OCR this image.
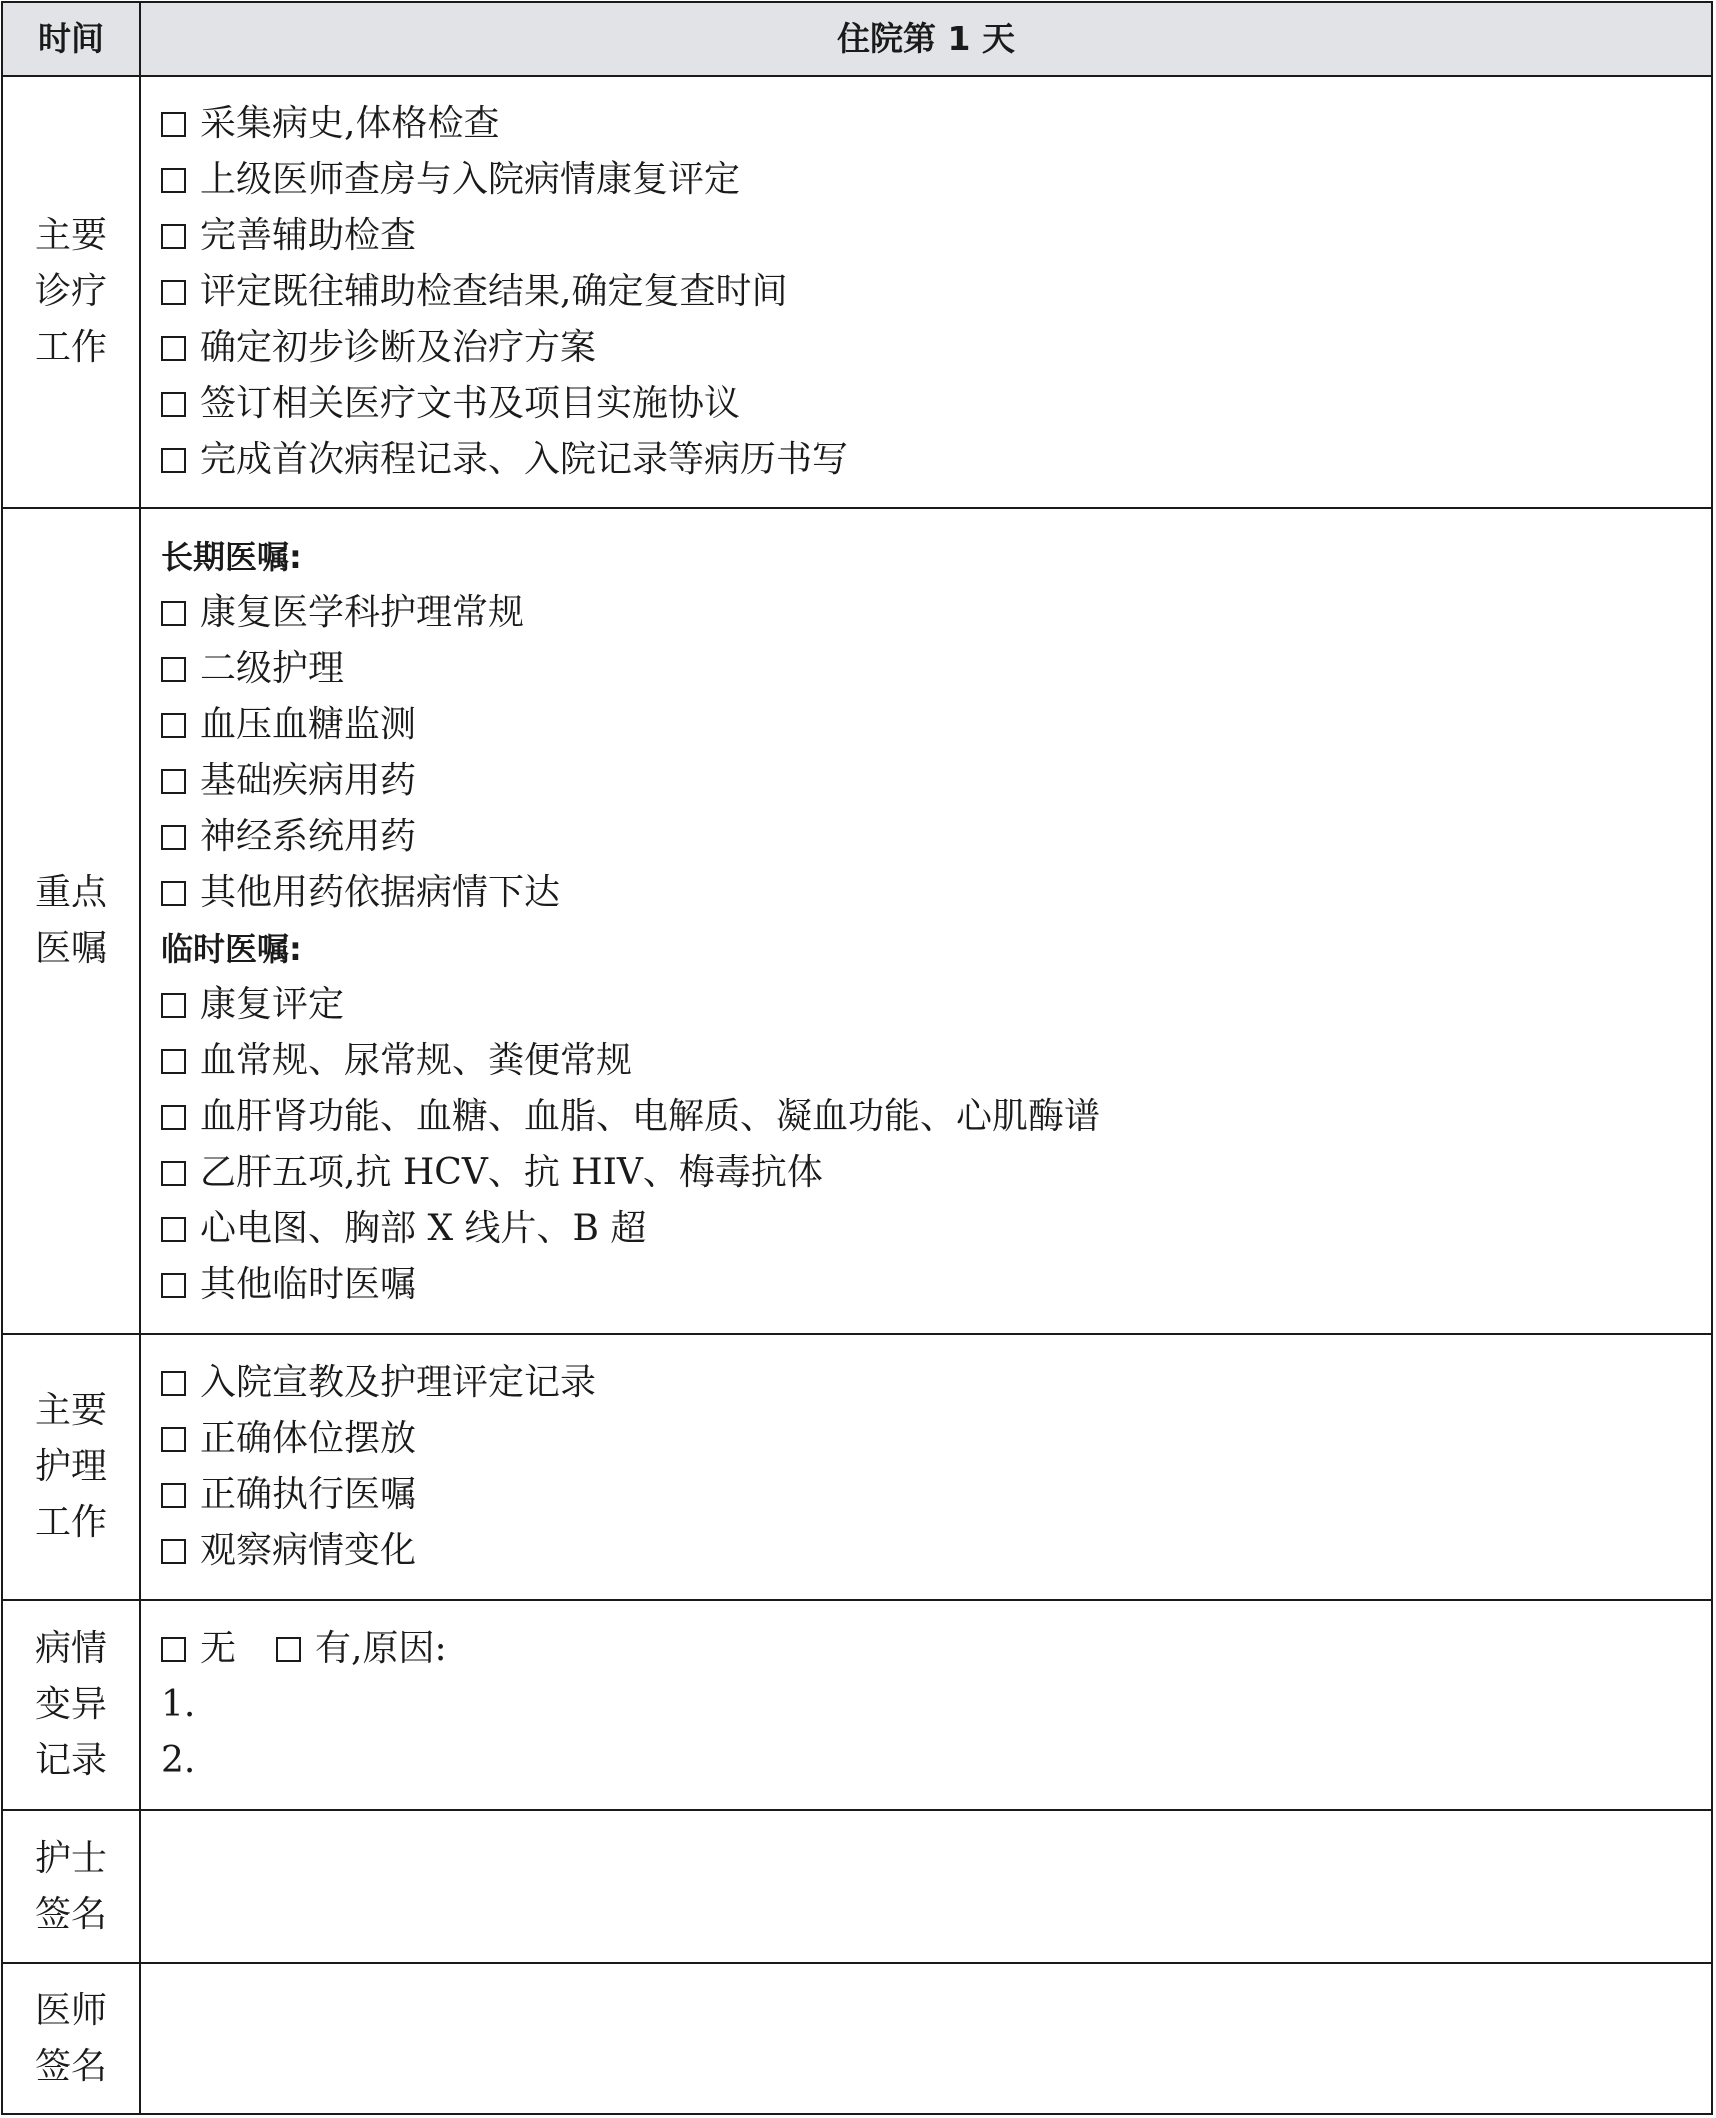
时间	住院第 1 天
主要
诊疗
工作
采集病史,体格检查
上级医师查房与入院病情康复评定
完善辅助检查
评定既往辅助检查结果,确定复查时间
确定初步诊断及治疗方案
签订相关医疗文书及项目实施协议
完成首次病程记录、入院记录等病历书写
重点
医嘱
长期医嘱:
康复医学科护理常规
二级护理
血压血糖监测
基础疾病用药
神经系统用药
其他用药依据病情下达
临时医嘱:
康复评定
血常规、尿常规、粪便常规
血肝肾功能、血糖、血脂、电解质、凝血功能、心肌酶谱
乙肝五项,抗 HCV、抗 HIV、梅毒抗体
心电图、胸部 X 线片、B 超
其他临时医嘱
主要
护理
工作
入院宣教及护理评定记录
正确体位摆放
正确执行医嘱
观察病情变化
病情
变异
记录
无 有,原因:
1.
2.
护士
签名
医师
签名
